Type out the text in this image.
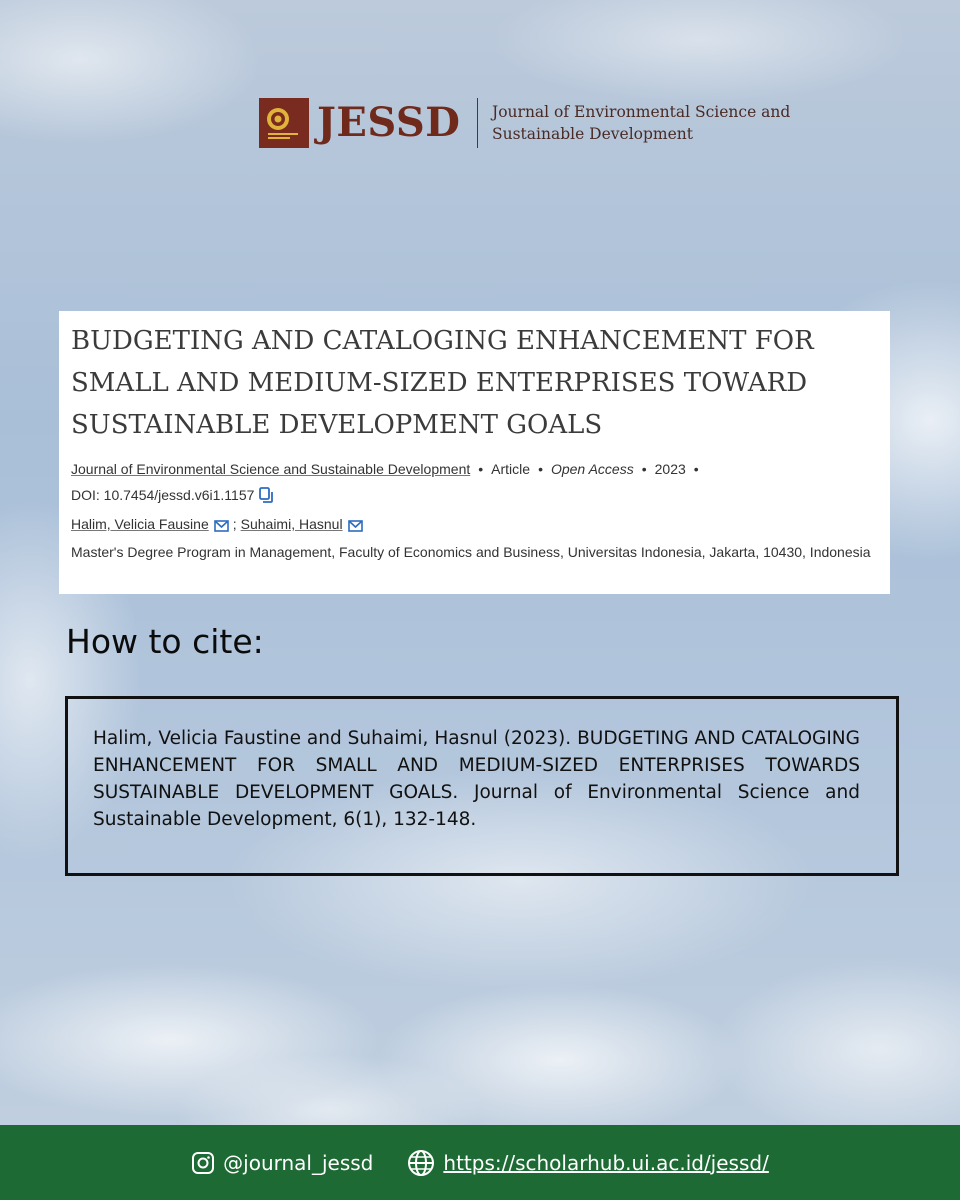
JESSD Journal of Environmental Science and
Sustainable Development
BUDGETING AND CATALOGING ENHANCEMENT FOR
SMALL AND MEDIUM-SIZED ENTERPRISES TOWARD
SUSTAINABLE DEVELOPMENT GOALS
Journal of Environmental Science and Sustainable Development • Article • Open Access • 2023 •
DOI: 10.7454/jessd.v6i1.1157
Halim, Velicia Fausine ; Suhaimi, Hasnul
Master's Degree Program in Management, Faculty of Economics and Business, Universitas Indonesia, Jakarta, 10430, Indonesia
How to cite:
Halim, Velicia Faustine and Suhaimi, Hasnul (2023). BUDGETING AND CATALOGING ENHANCEMENT FOR SMALL AND MEDIUM-SIZED ENTERPRISES TOWARDS SUSTAINABLE DEVELOPMENT GOALS. Journal of Environmental Science and Sustainable Development, 6(1), 132-148.
@journal_jessd	https://scholarhub.ui.ac.id/jessd/
